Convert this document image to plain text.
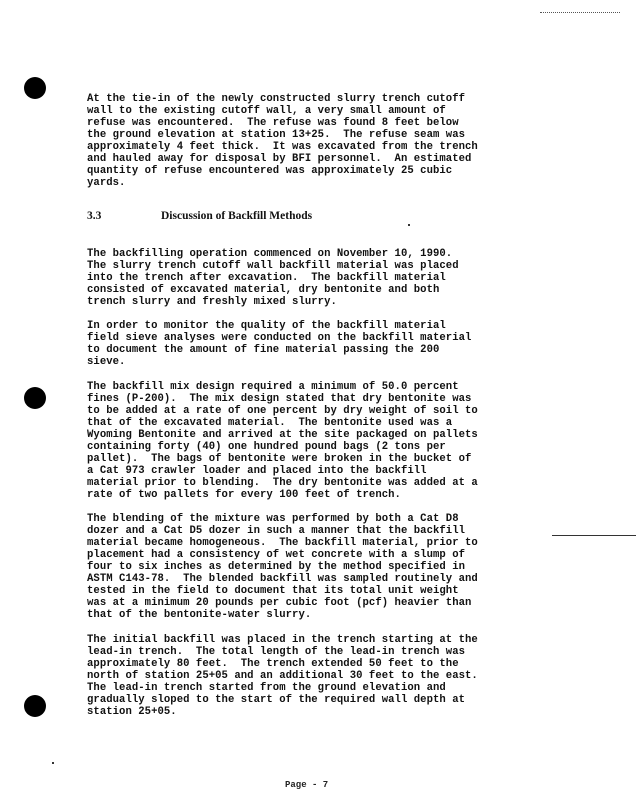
At the tie-in of the newly constructed slurry trench cutoff
wall to the existing cutoff wall, a very small amount of
refuse was encountered.  The refuse was found 8 feet below
the ground elevation at station 13+25.  The refuse seam was
approximately 4 feet thick.  It was excavated from the trench
and hauled away for disposal by BFI personnel.  An estimated
quantity of refuse encountered was approximately 25 cubic
yards.
3.3	Discussion of Backfill Methods
The backfilling operation commenced on November 10, 1990.
The slurry trench cutoff wall backfill material was placed
into the trench after excavation.  The backfill material
consisted of excavated material, dry bentonite and both
trench slurry and freshly mixed slurry.
In order to monitor the quality of the backfill material
field sieve analyses were conducted on the backfill material
to document the amount of fine material passing the 200
sieve.
The backfill mix design required a minimum of 50.0 percent
fines (P-200).  The mix design stated that dry bentonite was
to be added at a rate of one percent by dry weight of soil to
that of the excavated material.  The bentonite used was a
Wyoming Bentonite and arrived at the site packaged on pallets
containing forty (40) one hundred pound bags (2 tons per
pallet).  The bags of bentonite were broken in the bucket of
a Cat 973 crawler loader and placed into the backfill
material prior to blending.  The dry bentonite was added at a
rate of two pallets for every 100 feet of trench.
The blending of the mixture was performed by both a Cat D8
dozer and a Cat D5 dozer in such a manner that the backfill
material became homogeneous.  The backfill material, prior to
placement had a consistency of wet concrete with a slump of
four to six inches as determined by the method specified in
ASTM C143-78.  The blended backfill was sampled routinely and
tested in the field to document that its total unit weight
was at a minimum 20 pounds per cubic foot (pcf) heavier than
that of the bentonite-water slurry.
The initial backfill was placed in the trench starting at the
lead-in trench.  The total length of the lead-in trench was
approximately 80 feet.  The trench extended 50 feet to the
north of station 25+05 and an additional 30 feet to the east.
The lead-in trench started from the ground elevation and
gradually sloped to the start of the required wall depth at
station 25+05.
Page - 7
